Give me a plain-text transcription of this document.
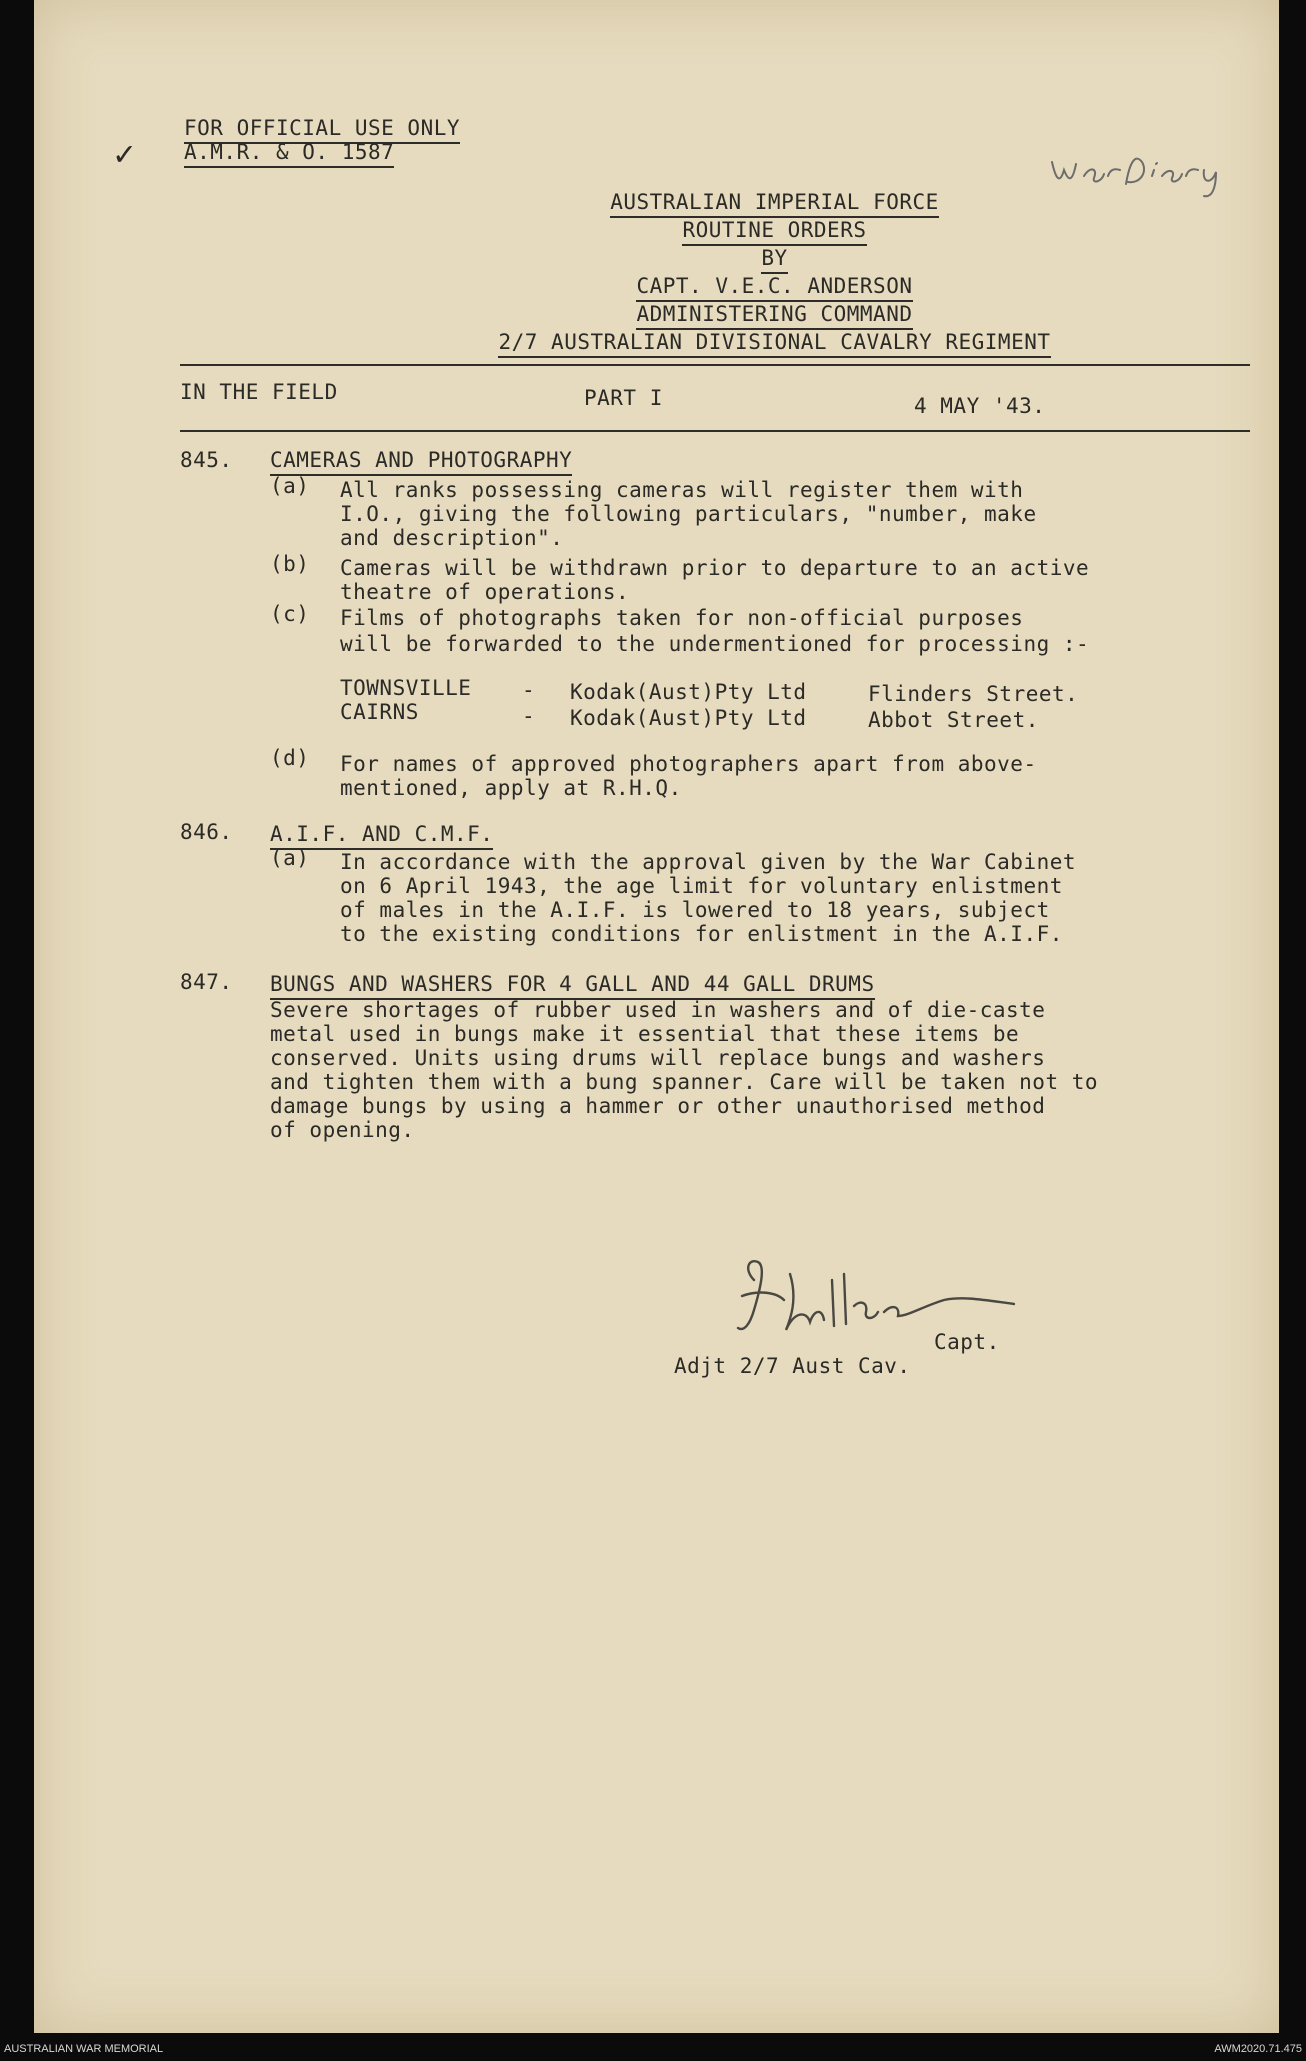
✓
FOR OFFICIAL USE ONLY
A.M.R. & O. 1587
AUSTRALIAN IMPERIAL FORCE
ROUTINE ORDERS
BY
CAPT. V.E.C. ANDERSON
ADMINISTERING COMMAND
2/7 AUSTRALIAN DIVISIONAL CAVALRY REGIMENT
IN THE FIELD	PART I	4 MAY '43.
845. CAMERAS AND PHOTOGRAPHY
(a) All ranks possessing cameras will register them with
I.O., giving the following particulars, "number, make
and description".
(b) Cameras will be withdrawn prior to departure to an active
theatre of operations.
(c) Films of photographs taken for non-official purposes
will be forwarded to the undermentioned for processing :-
TOWNSVILLE - Kodak(Aust)Pty Ltd	Flinders Street.
CAIRNS	- Kodak(Aust)Pty Ltd	Abbot Street.
(d) For names of approved photographers apart from above-
mentioned, apply at R.H.Q.
846. A.I.F. AND C.M.F.
(a) In accordance with the approval given by the War Cabinet
on 6 April 1943, the age limit for voluntary enlistment
of males in the A.I.F. is lowered to 18 years, subject
to the existing conditions for enlistment in the A.I.F.
847. BUNGS AND WASHERS FOR 4 GALL AND 44 GALL DRUMS
Severe shortages of rubber used in washers and of die-caste
metal used in bungs make it essential that these items be
conserved. Units using drums will replace bungs and washers
and tighten them with a bung spanner. Care will be taken not to
damage bungs by using a hammer or other unauthorised method
of opening.
Capt.
Adjt 2/7 Aust Cav.
AUSTRALIAN WAR MEMORIAL	AWM2020.71.475
